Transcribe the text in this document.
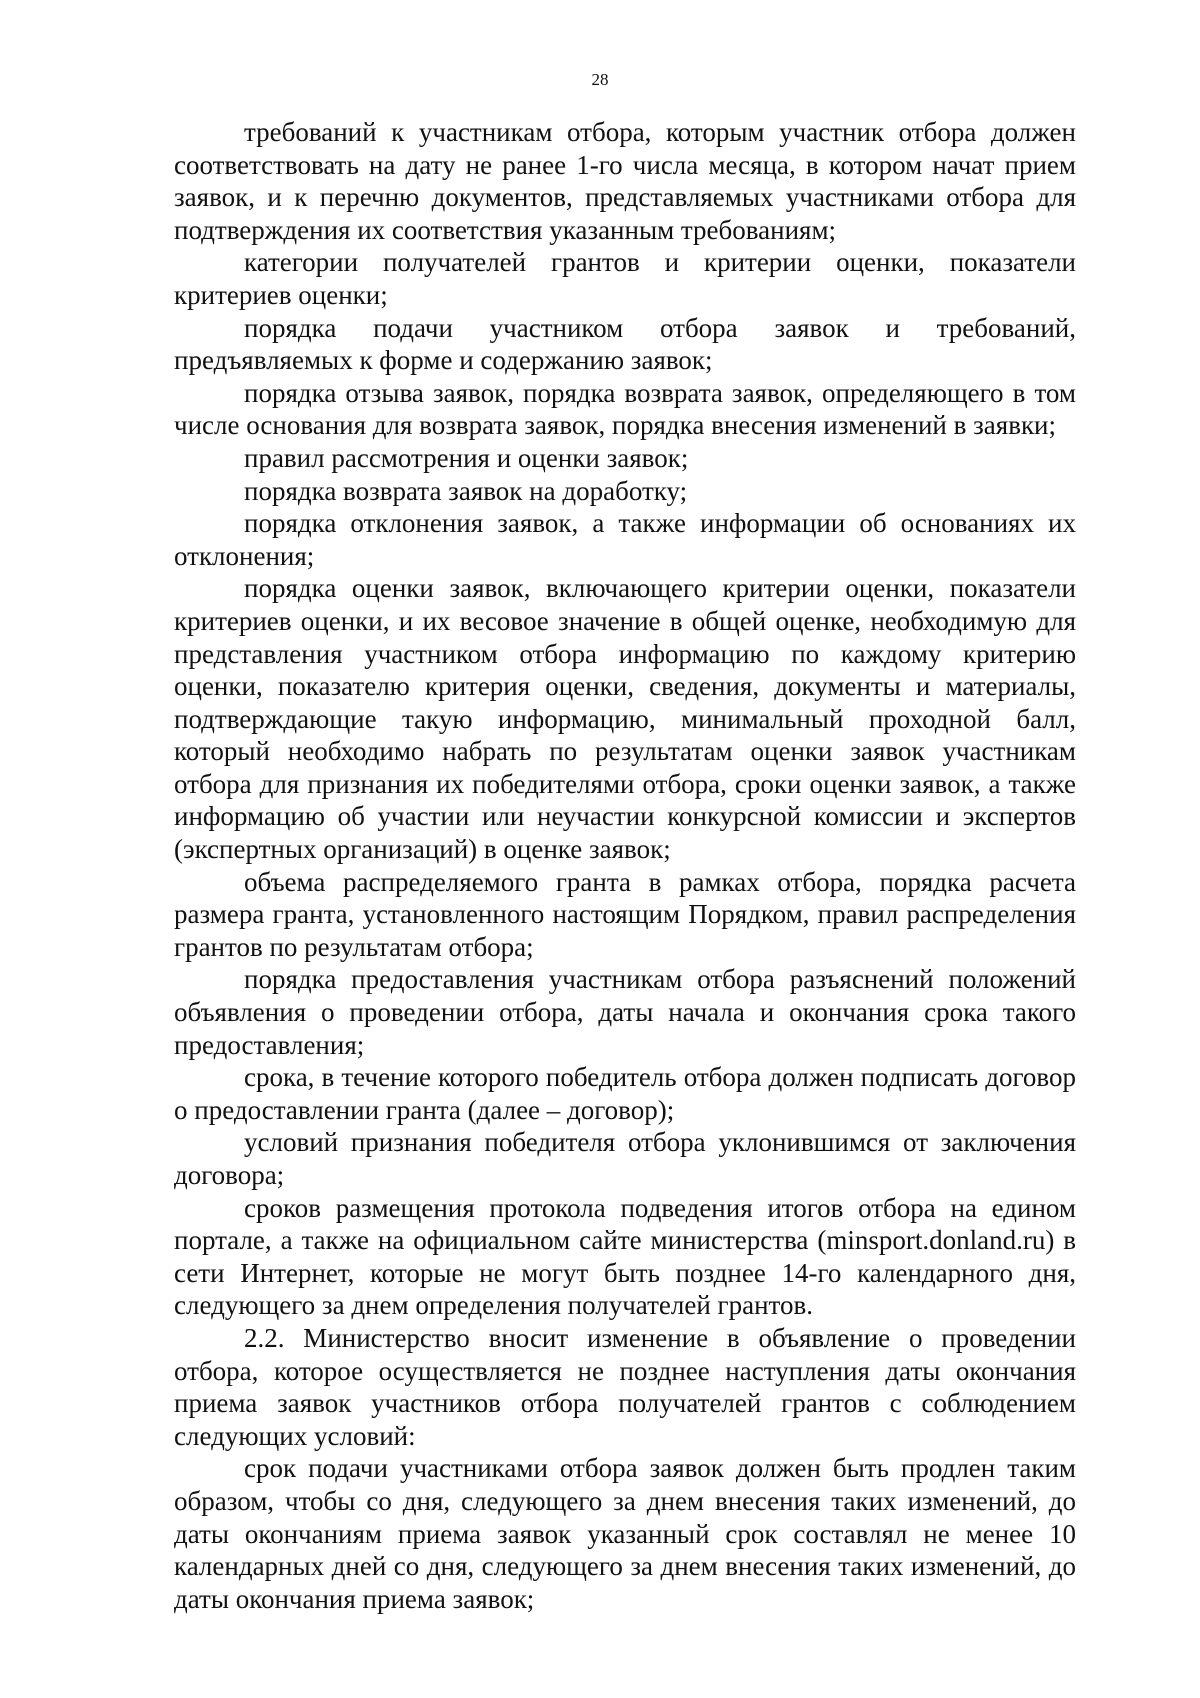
28

требований к участникам отбора, которым участник отбора должен соответствовать на дату не ранее 1-го числа месяца, в котором начат прием заявок, и к перечню документов, представляемых участниками отбора для подтверждения их соответствия указанным требованиям;

категории получателей грантов и критерии оценки, показатели критериев оценки;

порядка подачи участником отбора заявок и требований, предъявляемых к форме и содержанию заявок;

порядка отзыва заявок, порядка возврата заявок, определяющего в том числе основания для возврата заявок, порядка внесения изменений в заявки;

правил рассмотрения и оценки заявок;

порядка возврата заявок на доработку;

порядка отклонения заявок, а также информации об основаниях их отклонения;

порядка оценки заявок, включающего критерии оценки, показатели критериев оценки, и их весовое значение в общей оценке, необходимую для представления участником отбора информацию по каждому критерию оценки, показателю критерия оценки, сведения, документы и материалы, подтверждающие такую информацию, минимальный проходной балл, который необходимо набрать по результатам оценки заявок участникам отбора для признания их победителями отбора, сроки оценки заявок, а также информацию об участии или неучастии конкурсной комиссии и экспертов (экспертных организаций) в оценке заявок;

объема распределяемого гранта в рамках отбора, порядка расчета размера гранта, установленного настоящим Порядком, правил распределения грантов по результатам отбора;

порядка предоставления участникам отбора разъяснений положений объявления о проведении отбора, даты начала и окончания срока такого предоставления;

срока, в течение которого победитель отбора должен подписать договор о предоставлении гранта (далее – договор);

условий признания победителя отбора уклонившимся от заключения договора;

сроков размещения протокола подведения итогов отбора на едином портале, а также на официальном сайте министерства (minsport.donland.ru) в сети Интернет, которые не могут быть позднее 14-го календарного дня, следующего за днем определения получателей грантов.

2.2. Министерство вносит изменение в объявление о проведении отбора, которое осуществляется не позднее наступления даты окончания приема заявок участников отбора получателей грантов с соблюдением следующих условий:

срок подачи участниками отбора заявок должен быть продлен таким образом, чтобы со дня, следующего за днем внесения таких изменений, до даты окончаниям приема заявок указанный срок составлял не менее 10 календарных дней со дня, следующего за днем внесения таких изменений, до даты окончания приема заявок;
